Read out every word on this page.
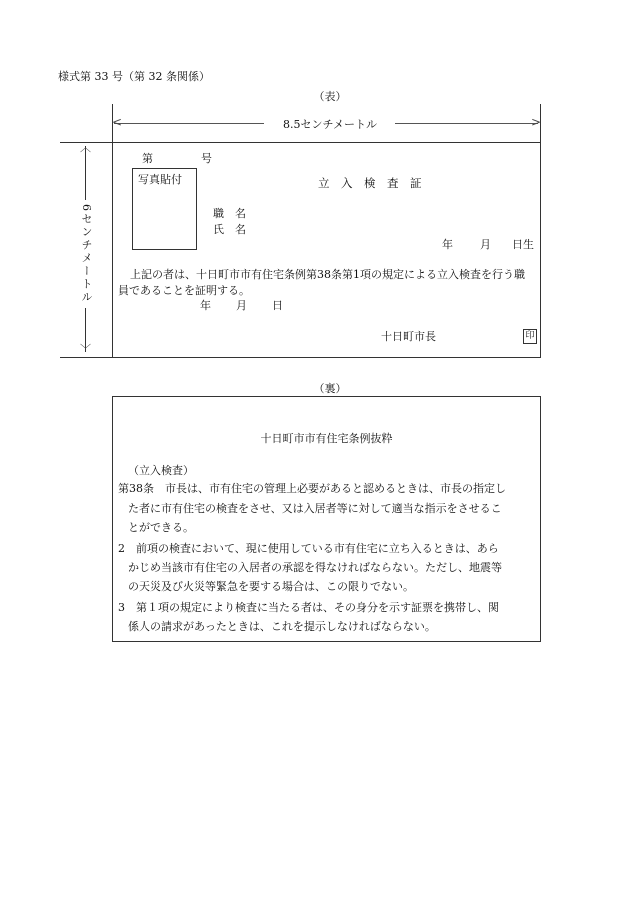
様式第 33 号（第 32 条関係）
（表）
<	>
8.5センチメートル
︿
﹀
6センチメートル
第	号
写真貼付	立　入　検　査　証
職　名
氏　名
年 月 日生
上記の者は、十日町市市有住宅条例第38条第1項の規定による立入検査を行う職
員であることを証明する。
年 月 日
十日町市長	印
（裏）
十日町市市有住宅条例抜粋
（立入検査）
第38条　市長は、市有住宅の管理上必要があると認めるときは、市長の指定し
た者に市有住宅の検査をさせ、又は入居者等に対して適当な指示をさせるこ
とができる。
2　前項の検査において、現に使用している市有住宅に立ち入るときは、あら
かじめ当該市有住宅の入居者の承認を得なければならない。ただし、地震等
の天災及び火災等緊急を要する場合は、この限りでない。
3　第１項の規定により検査に当たる者は、その身分を示す証票を携帯し、関
係人の請求があったときは、これを提示しなければならない。
